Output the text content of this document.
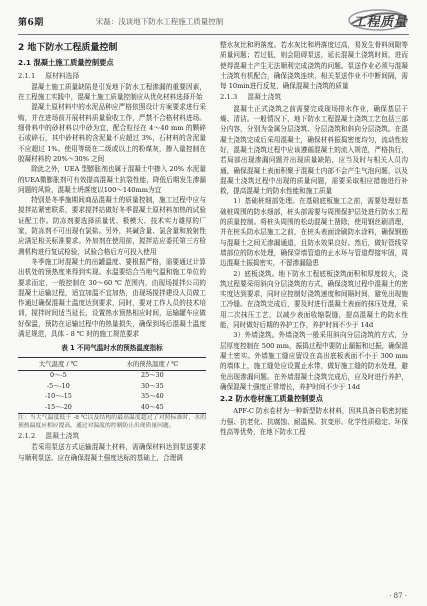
第6期	宋磊：浅谈地下防水工程施工质量控制	工程质量
2 地下防水工程质量控制
2.1 混凝土施工质量控制要点
2.1.1 原材料选择

混凝土施工质量缺陷是引发地下防水工程渗漏的重要因素，在工程施工实践中，混凝土施工质量控制应从优化材料选择开始

混凝土原材料中的水泥品种应严格依照设计方案要求进行采购，并在进场前开展材料质量验收工作，严禁不合格材料进场。细骨料中的砂材料以中砂为宜，配合粒径在 4～40 mm 的颗碎石或碎石，其中砂材料的含泥量不应超过 3%，石材料的含泥量不应超过 1%。使用等级在二级或以上的粉煤灰，掺入量控制在胶凝材料的 20%～30% 之间

除此之外，UEA 型膨胀剂也属于混凝土中掺入 20% 水泥量的UEA微膨胀剂可有效提高混凝土抗裂性能，降低后期发生渗漏问题的风险，混凝土坍落度以100～140mm为宜

特别是冬季施期间商品混凝土的质量控制，施工过程中应与搅拌站紧密联系，要求搅拌站做好冬季混凝土原材料加热的试验证配工作。防冻剂要选择质量优、极模大、技术实力雄厚的厂家，防冻剂不可出现有氯盐。另外，其碱含量、氯含量和放射性应满足相关标准要求。外加剂在使用前，搅拌站应委托第三方检测机构进行复试检验，试验合格后方可投入使用

冬季施工时混凝土的出罐温度、要根据严格，需要通过计算出机处的预热度来得到实现。水温要结合当地气温和施工单位的要求而定，一般控制在 30～60 ℃ 范围内，由现场搅拌公司的混凝土运输过程，适宜加温不宜加热，由现场搅拌建设人员做工作通过确保混凝土温度达到要求，同时，要对工作人员的技术培训，搅拌时间适当延长，设置热水预热相应时间，运输罐车应做好保温，预防在运输过程中的热量损失，确保到场后混凝土温度满足规范，具体 - 8 ℃ 时的施工规范要求

表 1 不同气温时水的预热温度指标
大气温度 / ℃	水的预热温度 / ℃
0～-5	25～30
-5～-10	30～35
-10～-15	35～40
-15～-20	40～45

注：当大气温度低于 -8 ℃以及结构的最高温度超过了对照标准时，水的预热温度应相应提高，通过对温度的控制防止出现质量问题。

2.1.2 混凝土浇筑

若采用泵送方式运输混凝土材料，需确保材料达到泵送要求与顺利泵送。应在确保混凝土强度达标的基础上，合理调

整水灰比和坍落度。若水灰比和坍落度过高，易发生骨料间隙等质量问题；若过低，则会阻碍泵送，延长混凝土浇筑时间，进而使得混凝土产生无法顺利完成浇筑的问题。泵送作业必须与混凝土浇筑有机配合，确保浇筑连续、相关泵送作业不中断间隔，需每 10min进行反复，确保混凝土浇筑的质量

2.1.3 混凝土浇筑

混凝土正式浇筑之前需要完成现场排水作业，确保基层干燥、清洁。一般情况下，地下防水工程混凝土浇筑工艺包括三部分内容，分别为金属分层浇筑、分层浇筑和斜向分层浇筑。在混凝土浇筑完成后采用混凝土，确保材料振捣密度均匀，流动性较好，混凝土浇筑过程中应该遵循混凝土的流入规范，严格执行，若局部出现渗漏问题并出现质量缺陷，应当及时与相关人员沟通，确保混凝土表面积聚于混凝土内部不会产生气泡问题，以及混凝土浇筑过程中出现的质量问题，需要采取相应措施进行补救，提高混凝土的防水性能和施工质量

1）基础桩细部处理。在基础底板施工之前，需要处理好基础桩周围的防水细部，桩头部需要与周围保护层处进行防水工程的质量控制。将桩头周围的松动混凝土凿除，使用钢丝刷清理，并在桩头防水层施工之前，在桩头表面涂刷防水涂料，确保钢筋与混凝土之间无渗漏通道，且防水效果良好。然后，做好管线穿墙部位的防水处理，确保穿墙管道的止水环与管道焊接牢固，周边混凝土振捣密实，不留渗漏隐患

2）底板浇筑。地下防水工程底板浇筑面积和厚度较大，浇筑过程要采用斜向分层浇筑的方式，确保浇筑过程中混凝土的密实度达到要求，同时应控制好浇筑速度和间隔时间，避免出现施工冷缝。在浇筑完成后，要及时进行混凝土表面的抹压处理，采用二次抹压工艺，以减少表面收缩裂缝，提高混凝土的防水性能，同时做好后期的养护工作，养护时间不少于 14d

3）外墙浇筑。外墙浇筑一般采用斜向分层浇筑的方式，分层厚度控制在 500 mm，振捣过程中要防止漏振和过振，确保混凝土密实。外墙施工缝应留设在高出底板表面不小于 300 mm 的墙体上，施工缝处应设置止水带，做好施工缝的防水处理，避免出现渗漏问题。在外墙混凝土浇筑完成后，应及时进行养护，确保混凝土强度正常增长，养护时间不少于 14d

2.2 防水卷材施工质量控制要点

APF-C 防水卷材为一种新型防水材料，因其具备自粘密封能力强、抗老化、抗腐蚀、耐温候、抗变形、化学性质稳定、环保性高等优势，在地下防水工程

· 87 ·
